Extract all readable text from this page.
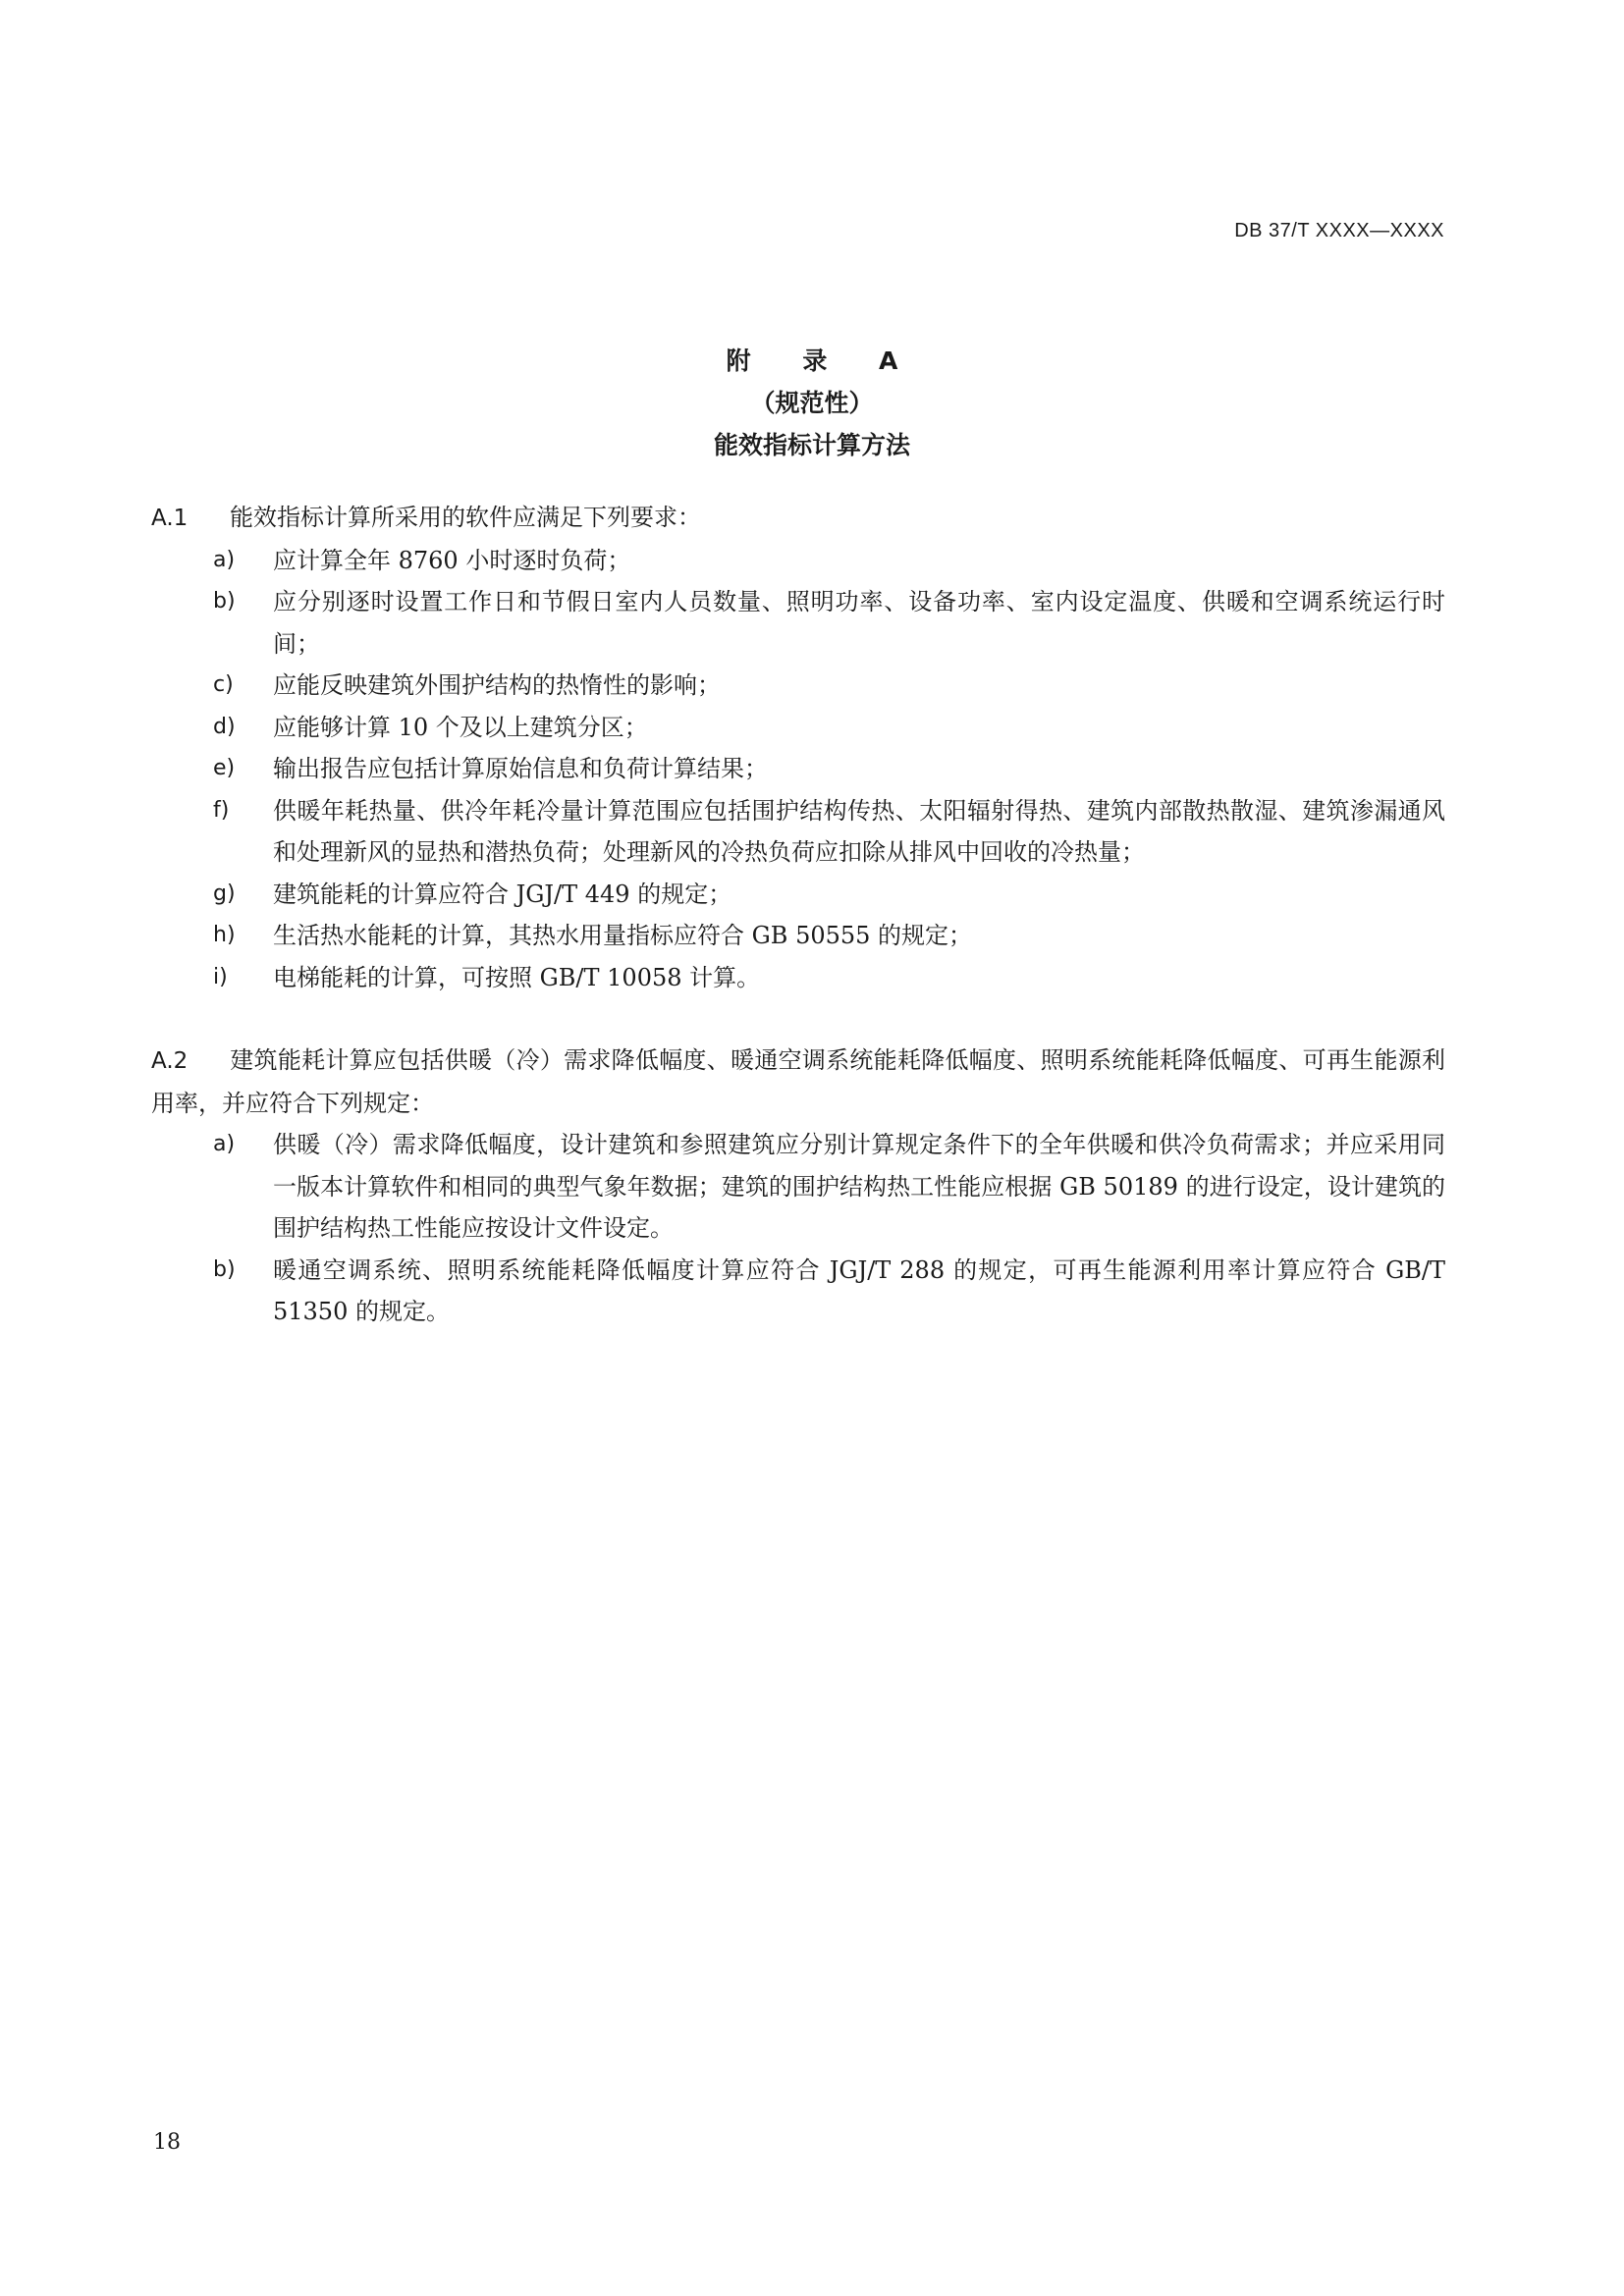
DB 37/T XXXX—XXXX
附 录 A
（规范性）
能效指标计算方法
A.1 能效指标计算所采用的软件应满足下列要求：
a) 应计算全年 8760 小时逐时负荷；
b) 应分别逐时设置工作日和节假日室内人员数量、照明功率、设备功率、室内设定温度、供暖和空调系统运行时间；
c) 应能反映建筑外围护结构的热惰性的影响；
d) 应能够计算 10 个及以上建筑分区；
e) 输出报告应包括计算原始信息和负荷计算结果；
f) 供暖年耗热量、供冷年耗冷量计算范围应包括围护结构传热、太阳辐射得热、建筑内部散热散湿、建筑渗漏通风和处理新风的显热和潜热负荷；处理新风的冷热负荷应扣除从排风中回收的冷热量；
g) 建筑能耗的计算应符合 JGJ/T 449 的规定；
h) 生活热水能耗的计算，其热水用量指标应符合 GB 50555 的规定；
i) 电梯能耗的计算，可按照 GB/T 10058 计算。
A.2 建筑能耗计算应包括供暖（冷）需求降低幅度、暖通空调系统能耗降低幅度、照明系统能耗降低幅度、可再生能源利用率，并应符合下列规定：
a) 供暖（冷）需求降低幅度，设计建筑和参照建筑应分别计算规定条件下的全年供暖和供冷负荷需求；并应采用同一版本计算软件和相同的典型气象年数据；建筑的围护结构热工性能应根据 GB 50189 的进行设定，设计建筑的围护结构热工性能应按设计文件设定。
b) 暖通空调系统、照明系统能耗降低幅度计算应符合 JGJ/T 288 的规定，可再生能源利用率计算应符合 GB/T 51350 的规定。
18
